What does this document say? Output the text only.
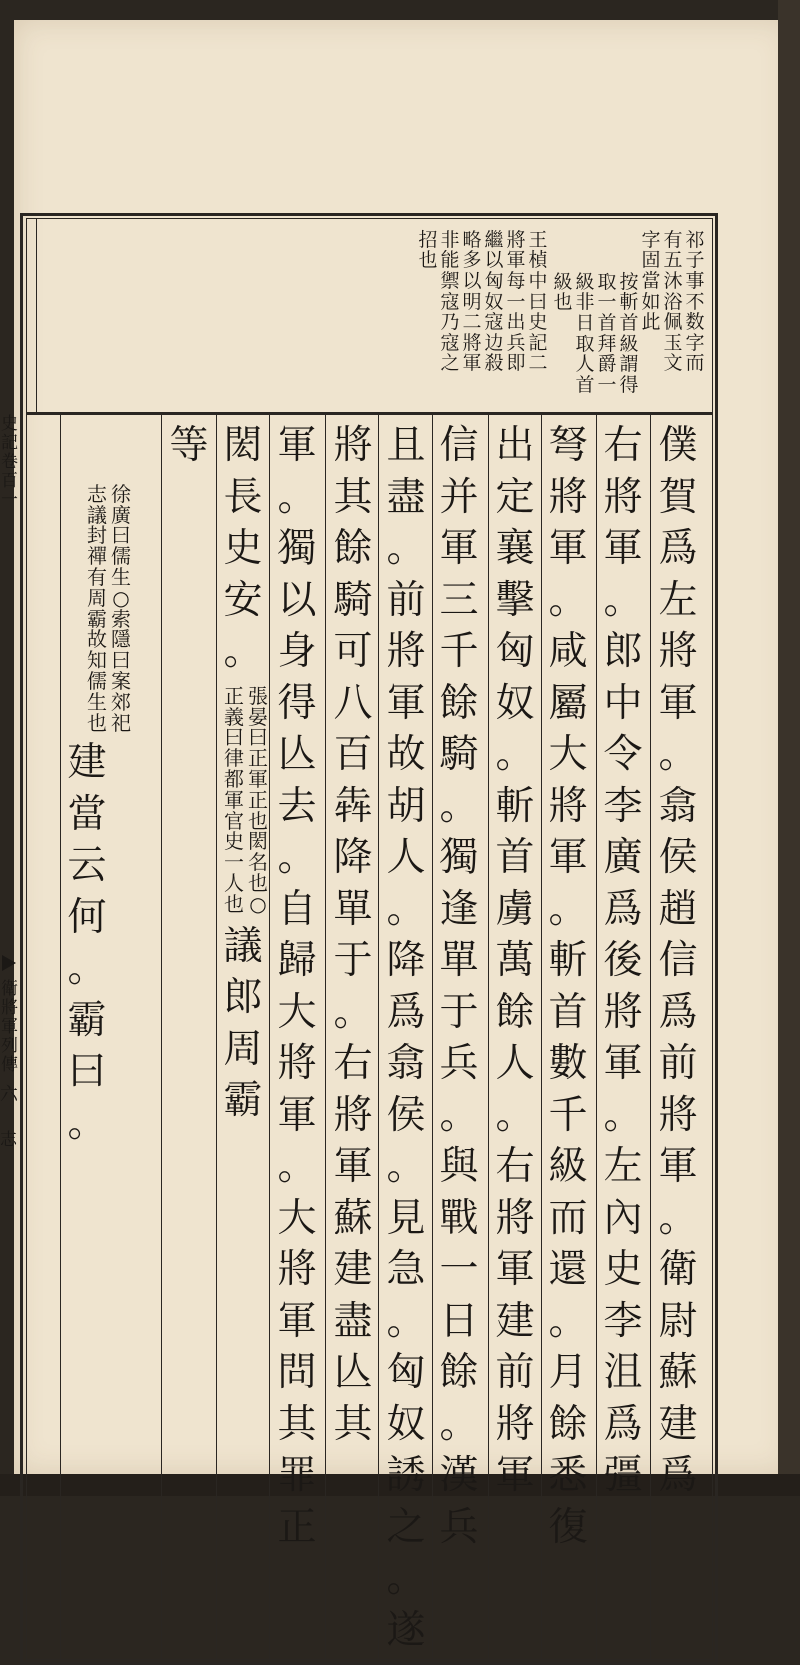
祁
子
事
不
数
字
而
有
五
沐
浴
佩
玉
文
字
固
當
如
此
按
斬
首
級
謂
得
取
一
首
拜
爵
一
級
非
日
取
人
首
級
也
王
楨
中
曰
史
記
二
將
軍
每
一
出
兵
即
繼
以
匈
奴
寇
边
殺
略
多
以
明
二
將
軍
非
能
禦
寇
乃
寇
之
招
也
僕
賀
爲
左
將
軍
。
翕
侯
趙
信
爲
前
將
軍
。
衛
尉
蘇
建
爲
右
將
軍
。
郎
中
令
李
廣
爲
後
將
軍
。
左
內
史
李
沮
爲
彊
弩
將
軍
。
咸
屬
大
將
軍
。
斬
首
數
千
級
而
還
。
月
餘
悉
復
出
定
襄
擊
匈
奴
。
斬
首
虜
萬
餘
人
。
右
將
軍
建
前
將
軍
信
并
軍
三
千
餘
騎
。
獨
逢
單
于
兵
。
與
戰
一
日
餘
。
漢
兵
且
盡
。
前
將
軍
故
胡
人
。
降
爲
翕
侯
。
見
急
。
匈
奴
誘
之
。
遂
將
其
餘
騎
可
八
百
犇
降
單
于
。
右
將
軍
蘇
建
盡
亾
其
軍
。
獨
以
身
得
亾
去
。
自
歸
大
將
軍
。
大
將
軍
問
其
罪
正
閎
長
史
安
。
等
張
晏
曰
正
軍
正
也
閎
名
也
○
正
義
曰
律
都
軍
官
史
一
人
也
議
郎
周
霸
徐
廣
曰
儒
生
○
索
隱
曰
案
郊
祀
志
議
封
禪
有
周
霸
故
知
儒
生
也
建
當
云
何
。
霸
曰
。
史
記
卷
百
一
衛
將
軍
列
傳
六
志
